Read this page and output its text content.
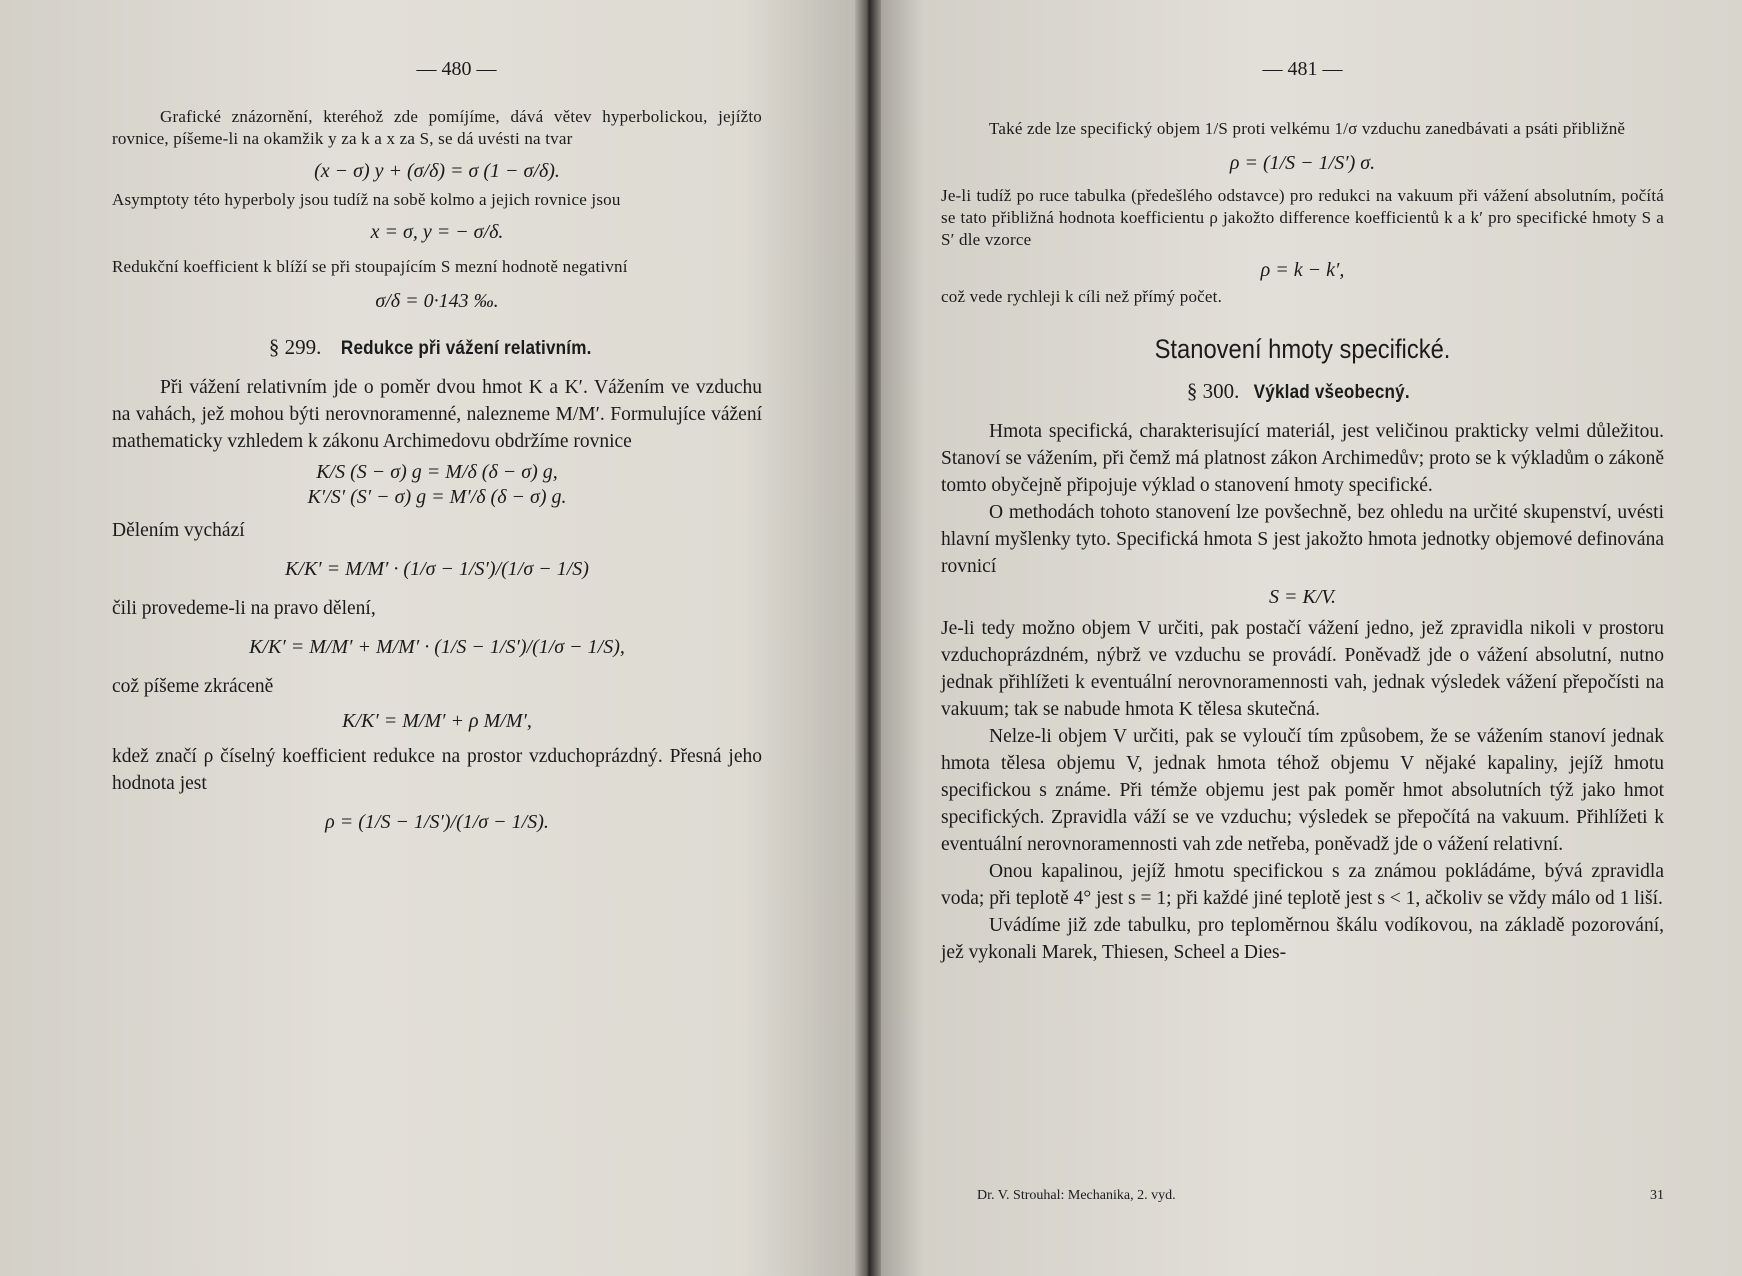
— 480 —

Grafické znázornění, kteréhož zde pomíjíme, dává větev hyperbolickou, jejížto rovnice, píšeme-li na okamžik y za k a x za S, se dá uvésti na tvar

(x − σ) y + (σ/δ) = σ (1 − σ/δ).

Asymptoty této hyperboly jsou tudíž na sobě kolmo a jejich rovnice jsou

x = σ, y = − σ/δ.

Redukční koefficient k blíží se při stoupajícím S mezní hodnotě negativní

σ/δ = 0·143 ‰.
§ 299. Redukce při vážení relativním.

Při vážení relativním jde o poměr dvou hmot K a K′. Vážením ve vzduchu na vahách, jež mohou býti nerovnoramenné, nalezneme M/M′. Formulujíce vážení mathematicky vzhledem k zákonu Archimedovu obdržíme rovnice

K/S (S − σ) g = M/δ (δ − σ) g,
K′/S′ (S′ − σ) g = M′/δ (δ − σ) g.

Dělením vychází

K/K′ = M/M′ · (1/σ − 1/S′)/(1/σ − 1/S)

čili provedeme-li na pravo dělení,

K/K′ = M/M′ + M/M′ · (1/S − 1/S′)/(1/σ − 1/S),

což píšeme zkráceně

K/K′ = M/M′ + ρ M/M′,

kdež značí ρ číselný koefficient redukce na prostor vzduchoprázdný. Přesná jeho hodnota jest

ρ = (1/S − 1/S′)/(1/σ − 1/S).
— 481 —

Také zde lze specifický objem 1/S proti velkému 1/σ vzduchu zanedbávati a psáti přibližně

ρ = (1/S − 1/S′) σ.

Je-li tudíž po ruce tabulka (předešlého odstavce) pro redukci na vakuum při vážení absolutním, počítá se tato přibližná hodnota koefficientu ρ jakožto difference koefficientů k a k′ pro specifické hmoty S a S′ dle vzorce

ρ = k − k′,

což vede rychleji k cíli než přímý počet.

Stanovení hmoty specifické.
§ 300. Výklad všeobecný.

Hmota specifická, charakterisující materiál, jest veličinou prakticky velmi důležitou. Stanoví se vážením, při čemž má platnost zákon Archimedův; proto se k výkladům o zákoně tomto obyčejně připojuje výklad o stanovení hmoty specifické.

O methodách tohoto stanovení lze povšechně, bez ohledu na určité skupenství, uvésti hlavní myšlenky tyto. Specifická hmota S jest jakožto hmota jednotky objemové definována rovnicí

S = K/V.

Je-li tedy možno objem V určiti, pak postačí vážení jedno, jež zpravidla nikoli v prostoru vzduchoprázdném, nýbrž ve vzduchu se provádí. Poněvadž jde o vážení absolutní, nutno jednak přihlížeti k eventuální nerovnoramennosti vah, jednak výsledek vážení přepočísti na vakuum; tak se nabude hmota K tělesa skutečná.

Nelze-li objem V určiti, pak se vyloučí tím způsobem, že se vážením stanoví jednak hmota tělesa objemu V, jednak hmota téhož objemu V nějaké kapaliny, jejíž hmotu specifickou s známe. Při témže objemu jest pak poměr hmot absolutních týž jako hmot specifických. Zpravidla váží se ve vzduchu; výsledek se přepočítá na vakuum. Přihlížeti k eventuální nerovnoramennosti vah zde netřeba, poněvadž jde o vážení relativní.

Onou kapalinou, jejíž hmotu specifickou s za známou pokládáme, bývá zpravidla voda; při teplotě 4° jest s = 1; při každé jiné teplotě jest s < 1, ačkoliv se vždy málo od 1 liší.

Uvádíme již zde tabulku, pro teploměrnou škálu vodíkovou, na základě pozorování, jež vykonali Marek, Thiesen, Scheel a Dies-

Dr. V. Strouhal: Mechanika, 2. vyd.	31
